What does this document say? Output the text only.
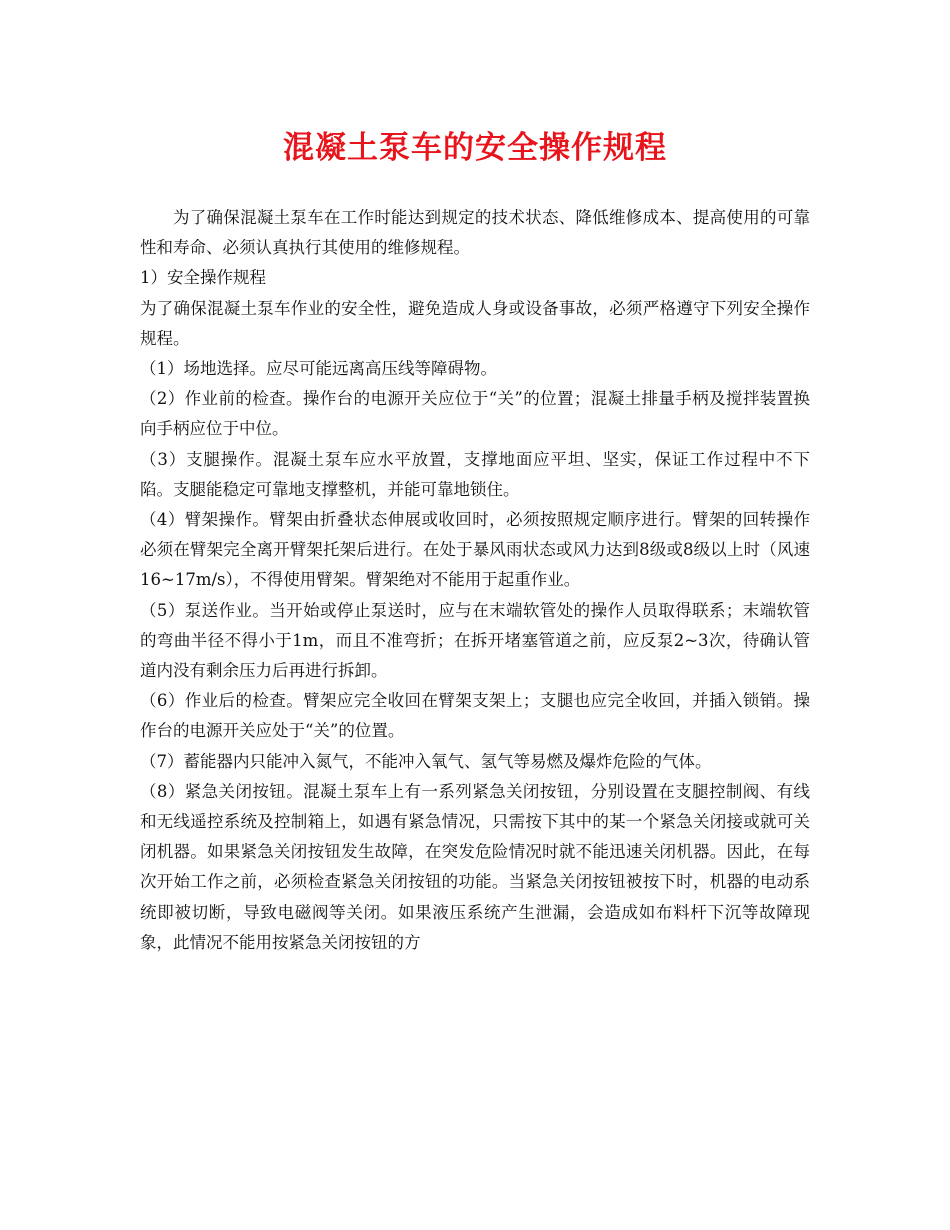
混凝土泵车的安全操作规程

为了确保混凝土泵车在工作时能达到规定的技术状态、降低维修成本、提高使用的可靠性和寿命、必须认真执行其使用的维修规程。

1）安全操作规程

为了确保混凝土泵车作业的安全性，避免造成人身或设备事故，必须严格遵守下列安全操作规程。

（1）场地选择。应尽可能远离高压线等障碍物。

（2）作业前的检查。操作台的电源开关应位于“关”的位置；混凝土排量手柄及搅拌装置换向手柄应位于中位。

（3）支腿操作。混凝土泵车应水平放置，支撑地面应平坦、坚实，保证工作过程中不下陷。支腿能稳定可靠地支撑整机，并能可靠地锁住。

（4）臂架操作。臂架由折叠状态伸展或收回时，必须按照规定顺序进行。臂架的回转操作必须在臂架完全离开臂架托架后进行。在处于暴风雨状态或风力达到8级或8级以上时（风速16~17m/s），不得使用臂架。臂架绝对不能用于起重作业。

（5）泵送作业。当开始或停止泵送时，应与在末端软管处的操作人员取得联系；末端软管的弯曲半径不得小于1m，而且不准弯折；在拆开堵塞管道之前，应反泵2~3次，待确认管道内没有剩余压力后再进行拆卸。

（6）作业后的检查。臂架应完全收回在臂架支架上；支腿也应完全收回，并插入锁销。操作台的电源开关应处于“关”的位置。

（7）蓄能器内只能冲入氮气，不能冲入氧气、氢气等易燃及爆炸危险的气体。

（8）紧急关闭按钮。混凝土泵车上有一系列紧急关闭按钮，分别设置在支腿控制阀、有线和无线遥控系统及控制箱上，如遇有紧急情况，只需按下其中的某一个紧急关闭接或就可关闭机器。如果紧急关闭按钮发生故障，在突发危险情况时就不能迅速关闭机器。因此，在每次开始工作之前，必须检查紧急关闭按钮的功能。当紧急关闭按钮被按下时，机器的电动系统即被切断，导致电磁阀等关闭。如果液压系统产生泄漏，会造成如布料杆下沉等故障现象，此情况不能用按紧急关闭按钮的方
